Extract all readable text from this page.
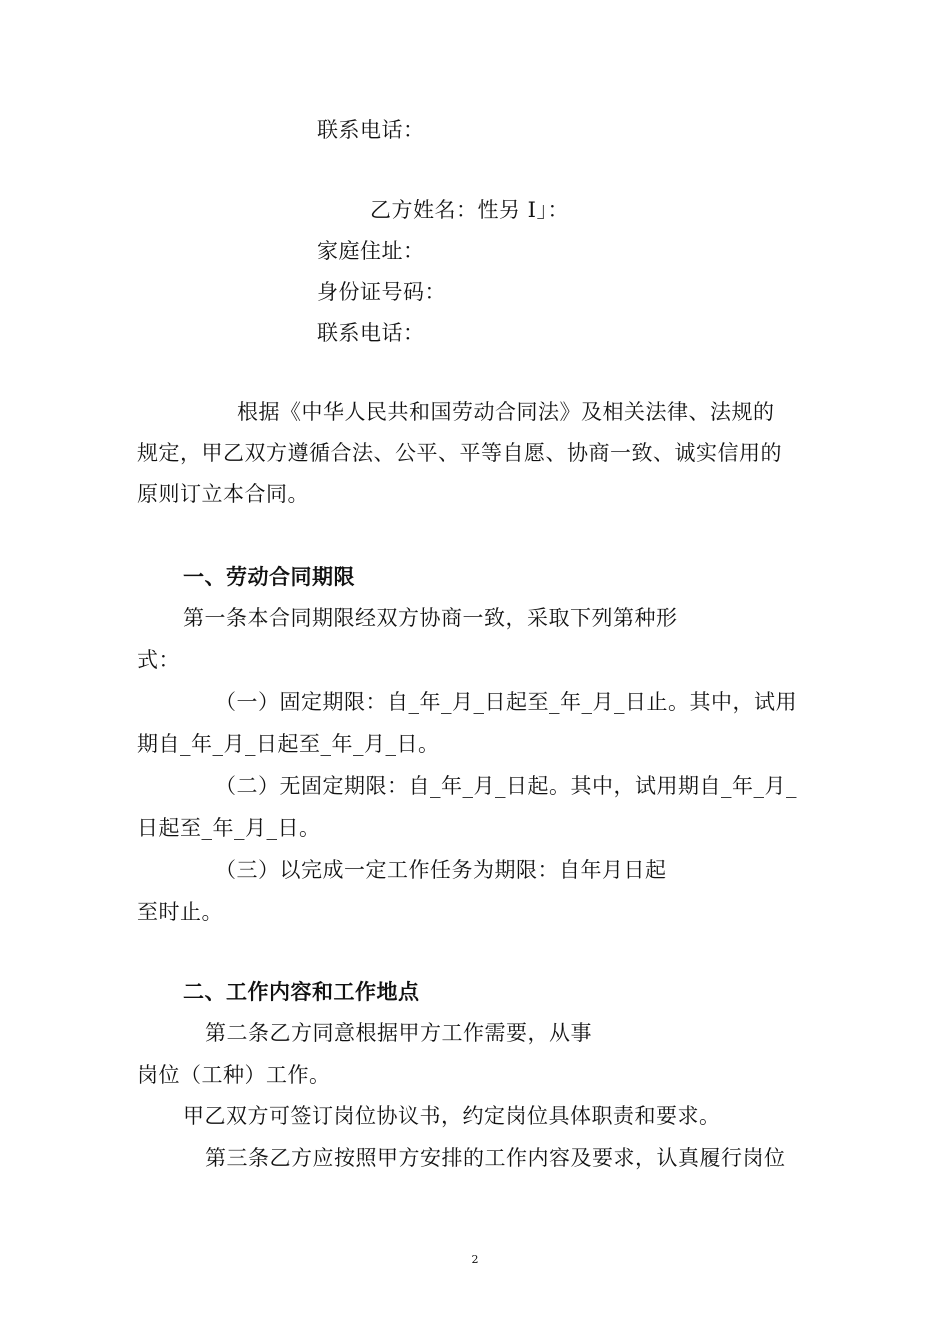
联系电话：
乙方姓名：性另 I」：
家庭住址：
身份证号码：
联系电话：
根据《中华人民共和国劳动合同法》及相关法律、法规的
规定，甲乙双方遵循合法、公平、平等自愿、协商一致、诚实信用的
原则订立本合同。
一、劳动合同期限
第一条本合同期限经双方协商一致，采取下列第种形
式：
（一）固定期限：自_年_月_日起至_年_月_日止。其中，试用
期自_年_月_日起至_年_月_日。
（二）无固定期限：自_年_月_日起。其中，试用期自_年_月_
日起至_年_月_日。
（三）以完成一定工作任务为期限：自年月日起
至时止。
二、工作内容和工作地点
第二条乙方同意根据甲方工作需要，从事
岗位（工种）工作。
甲乙双方可签订岗位协议书，约定岗位具体职责和要求。
第三条乙方应按照甲方安排的工作内容及要求，认真履行岗位
2
